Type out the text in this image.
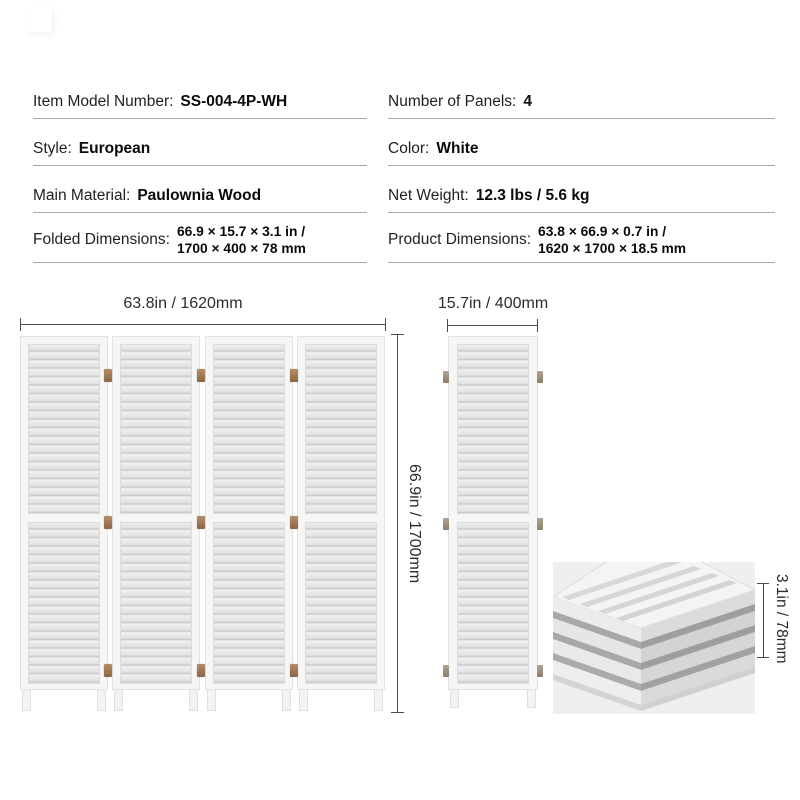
Item Model Number: SS-004-4P-WH
Style: European
Main Material: Paulownia Wood
Folded Dimensions: 66.9 × 15.7 × 3.1 in /
1700 × 400 × 78 mm
Number of Panels: 4
Color: White
Net Weight: 12.3 lbs / 5.6 kg
Product Dimensions: 63.8 × 66.9 × 0.7 in /
1620 × 1700 × 18.5 mm
63.8in / 1620mm
66.9in / 1700mm
15.7in / 400mm
3.1in / 78mm
